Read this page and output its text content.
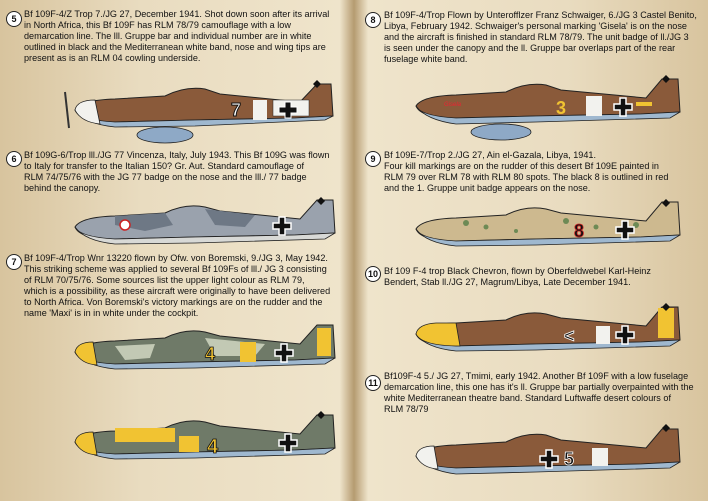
5 Bf 109F-4/Z Trop 7./JG 27, December 1941. Shot down soon after its arrival
in North Africa, this Bf 109F has RLM 78/79 camouflage with a low
demarcation line. The lll. Gruppe bar and individual number are in white
outlined in black and the Mediterranean white band, nose and wing tips are
present as is an RLM 04 cowling underside.
7
6 Bf 109G-6/Trop lll./JG 77 Vincenza, Italy, July 1943. This Bf 109G was flown
to Italy for transfer to the Italian 150? Gr. Aut. Standard camouflage of
RLM 74/75/76 with the JG 77 badge on the nose and the lll./ 77 badge
behind the canopy.
7 Bf 109F-4/Trop Wnr 13220 flown by Ofw. von Boremski, 9./JG 3, May 1942.
This striking scheme was applied to several Bf 109Fs of lll./ JG 3 consisting
of RLM 70/75/76. Some sources list the upper light colour as RLM 79,
which is a possibility, as these aircraft were originally to have been delivered
to North Africa. Von Boremski's victory markings are on the rudder and the
name 'Maxi' is in in white under the cockpit.
4
4
8 Bf 109F-4/Trop Flown by Unterofflzer Franz Schwaiger, 6./JG 3 Castel Benito,
Libya, February 1942. Schwaiger's personal marking 'Gisela' is on the nose
and the aircraft is finished in standard RLM 78/79. The unit badge of ll./JG 3
is seen under the canopy and the ll. Gruppe bar overlaps part of the rear
fuselage white band.
3
Gisela
9 Bf 109E-7/Trop 2./JG 27, Ain el-Gazala, Libya, 1941.
Four kill markings are on the rudder of this desert Bf 109E painted in
RLM 79 over RLM 78 with RLM 80 spots. The black 8 is outlined in red
and the 1. Gruppe unit badge appears on the nose.
8
10 Bf 109 F-4 trop Black Chevron, flown by Oberfeldwebel Karl-Heinz
Bendert, Stab ll./JG 27, Magrum/Libya, Late December 1941.
<
11
Bf109F-4 5./ JG 27, Tmimi, early 1942. Another Bf 109F with a low fuselage
demarcation line, this one has it's ll. Gruppe bar partially overpainted with the
white Mediterranean theatre band. Standard Luftwaffe desert colours of
RLM 78/79
5
